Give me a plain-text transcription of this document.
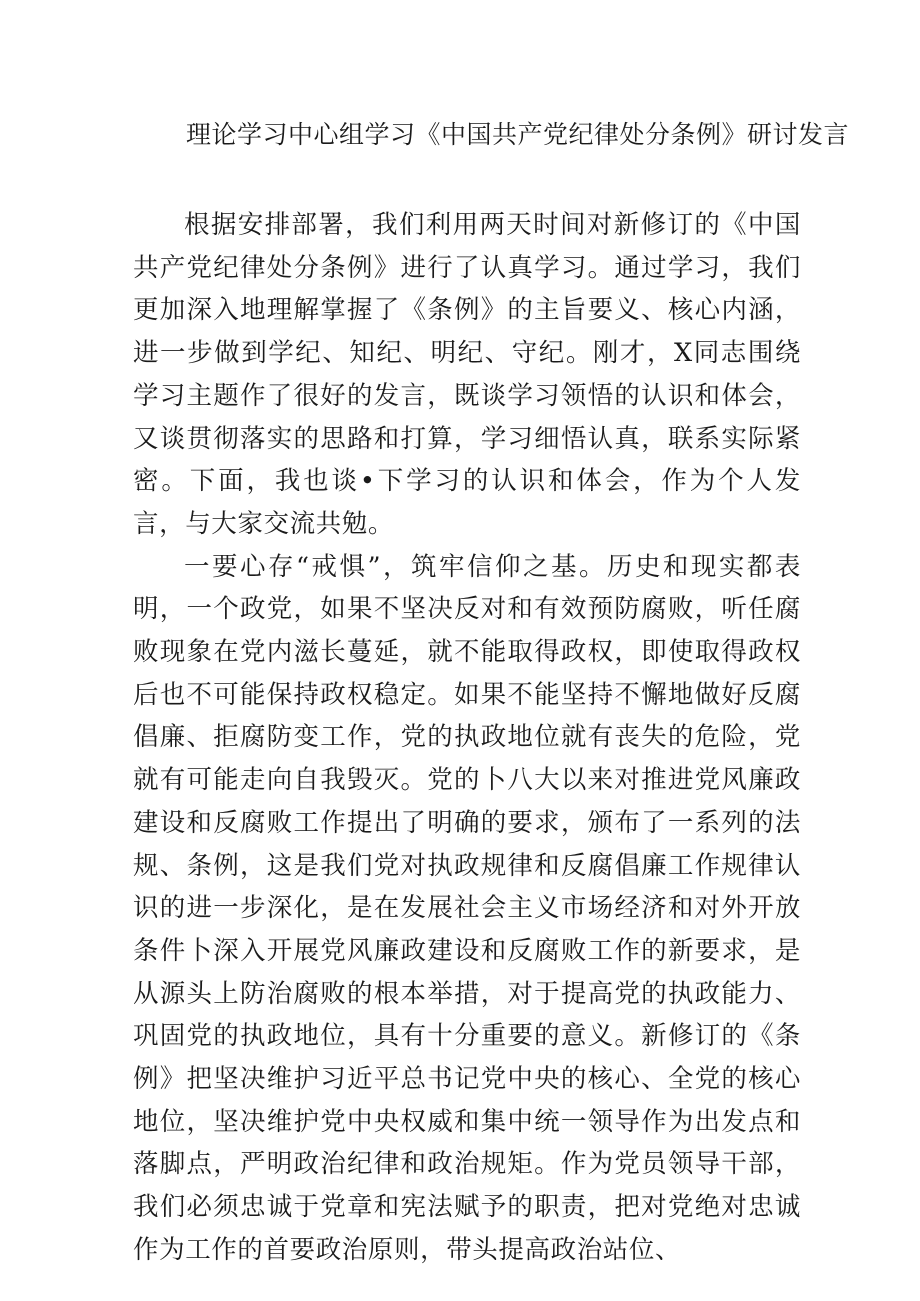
理论学习中心组学习《中国共产党纪律处分条例》研讨发言

根据安排部署，我们利用两天时间对新修订的《中国共产党纪律处分条例》进行了认真学习。通过学习，我们更加深入地理解掌握了《条例》的主旨要义、核心内涵，进一步做到学纪、知纪、明纪、守纪。刚才，X同志围绕学习主题作了很好的发言，既谈学习领悟的认识和体会，又谈贯彻落实的思路和打算，学习细悟认真，联系实际紧密。下面，我也谈•下学习的认识和体会，作为个人发言，与大家交流共勉。

一要心存“戒惧”，筑牢信仰之基。历史和现实都表明，一个政党，如果不坚决反对和有效预防腐败，听任腐败现象在党内滋长蔓延，就不能取得政权，即使取得政权后也不可能保持政权稳定。如果不能坚持不懈地做好反腐倡廉、拒腐防变工作，党的执政地位就有丧失的危险，党就有可能走向自我毁灭。党的卜八大以来对推进党风廉政建设和反腐败工作提出了明确的要求，颁布了一系列的法规、条例，这是我们党对执政规律和反腐倡廉工作规律认识的进一步深化，是在发展社会主义市场经济和对外开放条件卜深入开展党风廉政建设和反腐败工作的新要求，是从源头上防治腐败的根本举措，对于提高党的执政能力、巩固党的执政地位，具有十分重要的意义。新修订的《条例》把坚决维护习近平总书记党中央的核心、全党的核心地位，坚决维护党中央权威和集中统一领导作为出发点和落脚点，严明政治纪律和政治规矩。作为党员领导干部，我们必须忠诚于党章和宪法赋予的职责，把对党绝对忠诚作为工作的首要政治原则，带头提高政治站位、
